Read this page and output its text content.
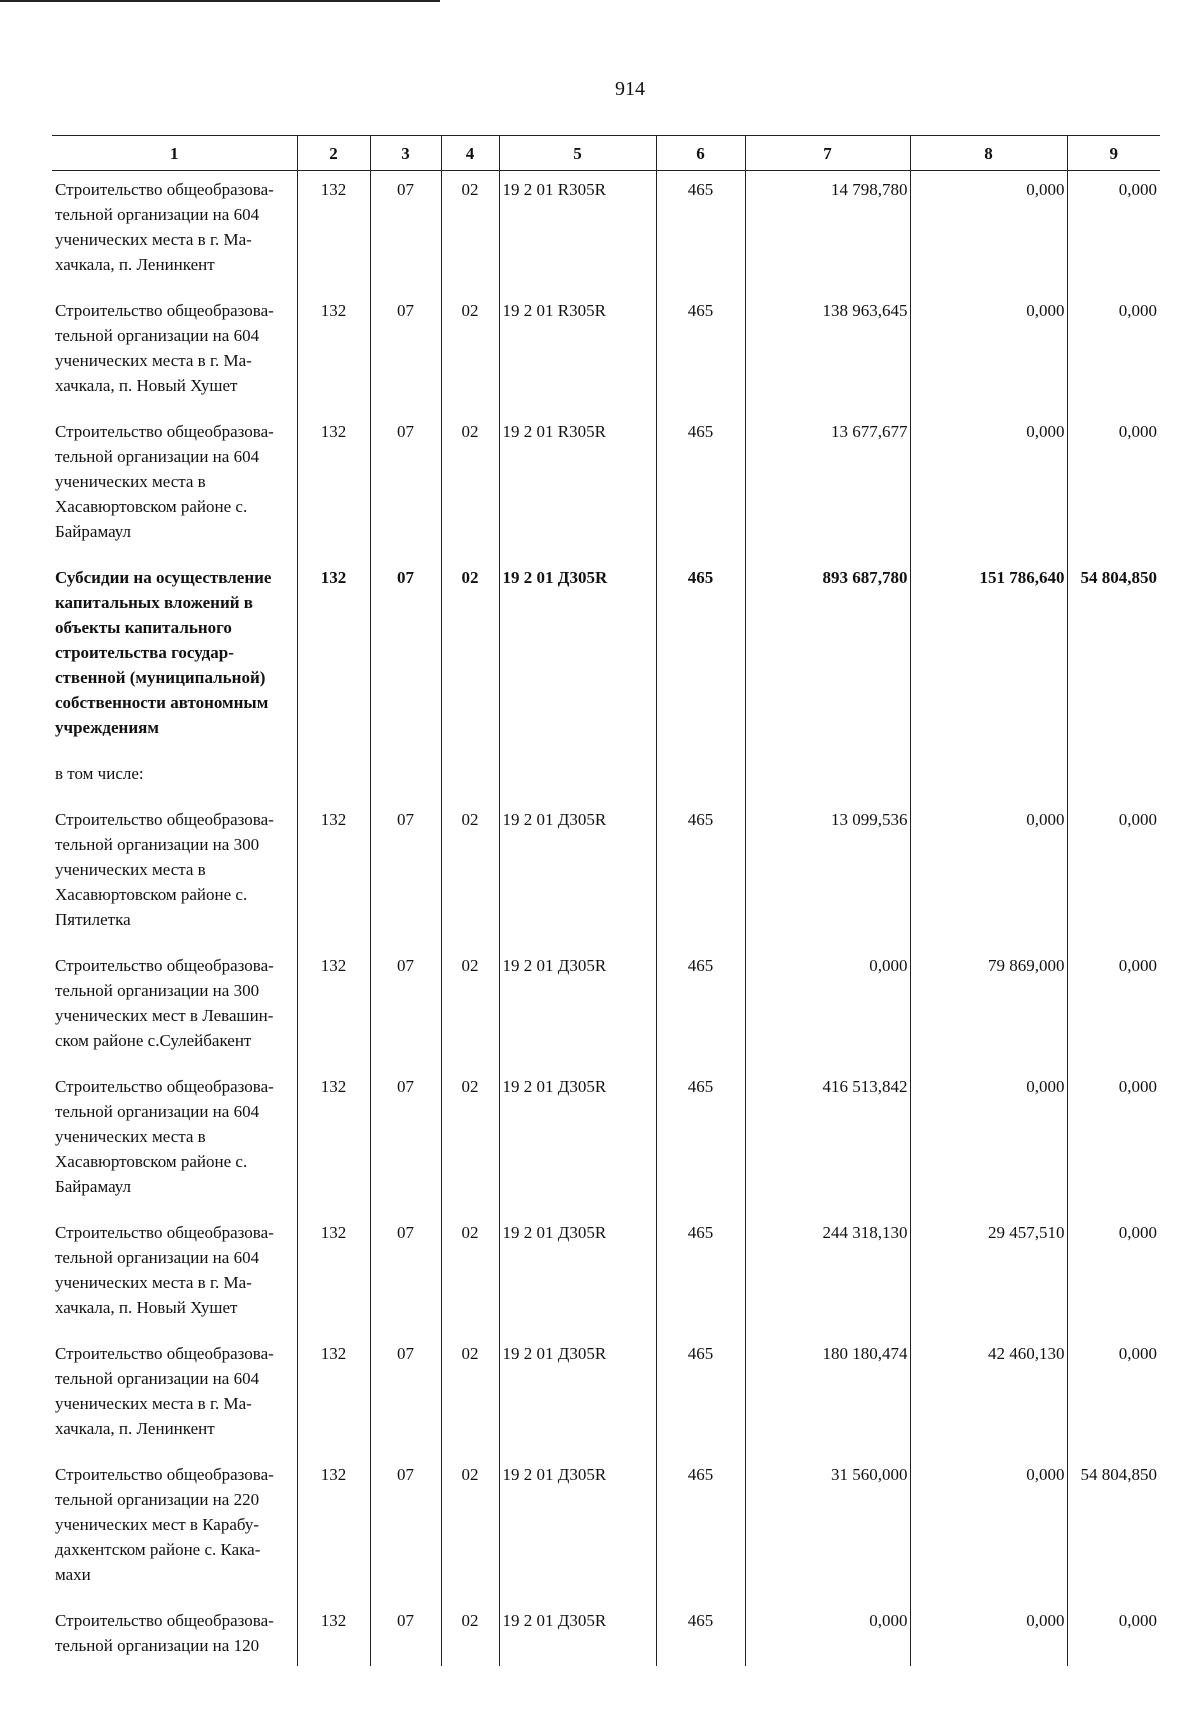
914
1	2	3	4	5	6	7	8	9
Строительство общеобразова-тельной организации на 604 ученических места в г. Ма-хачкала, п. Ленинкент	132	07	02	19 2 01 R305R	465	14 798,780	0,000	0,000
Строительство общеобразова-тельной организации на 604 ученических места в г. Ма-хачкала, п. Новый Хушет	132	07	02	19 2 01 R305R	465	138 963,645	0,000	0,000
Строительство общеобразова-тельной организации на 604 ученических места в Хасавюртовском районе с. Байрамаул	132	07	02	19 2 01 R305R	465	13 677,677	0,000	0,000
Субсидии на осуществление капитальных вложений в объекты капитального строительства государ-ственной (муниципальной) собственности автономным учреждениям	132	07	02	19 2 01 Д305R	465	893 687,780	151 786,640	54 804,850
в том числе:								
Строительство общеобразова-тельной организации на 300 ученических места в Хасавюртовском районе с. Пятилетка	132	07	02	19 2 01 Д305R	465	13 099,536	0,000	0,000
Строительство общеобразова-тельной организации на 300 ученических мест в Левашин-ском районе с.Сулейбакент	132	07	02	19 2 01 Д305R	465	0,000	79 869,000	0,000
Строительство общеобразова-тельной организации на 604 ученических места в Хасавюртовском районе с. Байрамаул	132	07	02	19 2 01 Д305R	465	416 513,842	0,000	0,000
Строительство общеобразова-тельной организации на 604 ученических места в г. Ма-хачкала, п. Новый Хушет	132	07	02	19 2 01 Д305R	465	244 318,130	29 457,510	0,000
Строительство общеобразова-тельной организации на 604 ученических места в г. Ма-хачкала, п. Ленинкент	132	07	02	19 2 01 Д305R	465	180 180,474	42 460,130	0,000
Строительство общеобразова-тельной организации на 220 ученических мест в Карабу-дахкентском районе с. Кака-махи	132	07	02	19 2 01 Д305R	465	31 560,000	0,000	54 804,850
Строительство общеобразова-тельной организации на 120	132	07	02	19 2 01 Д305R	465	0,000	0,000	0,000
